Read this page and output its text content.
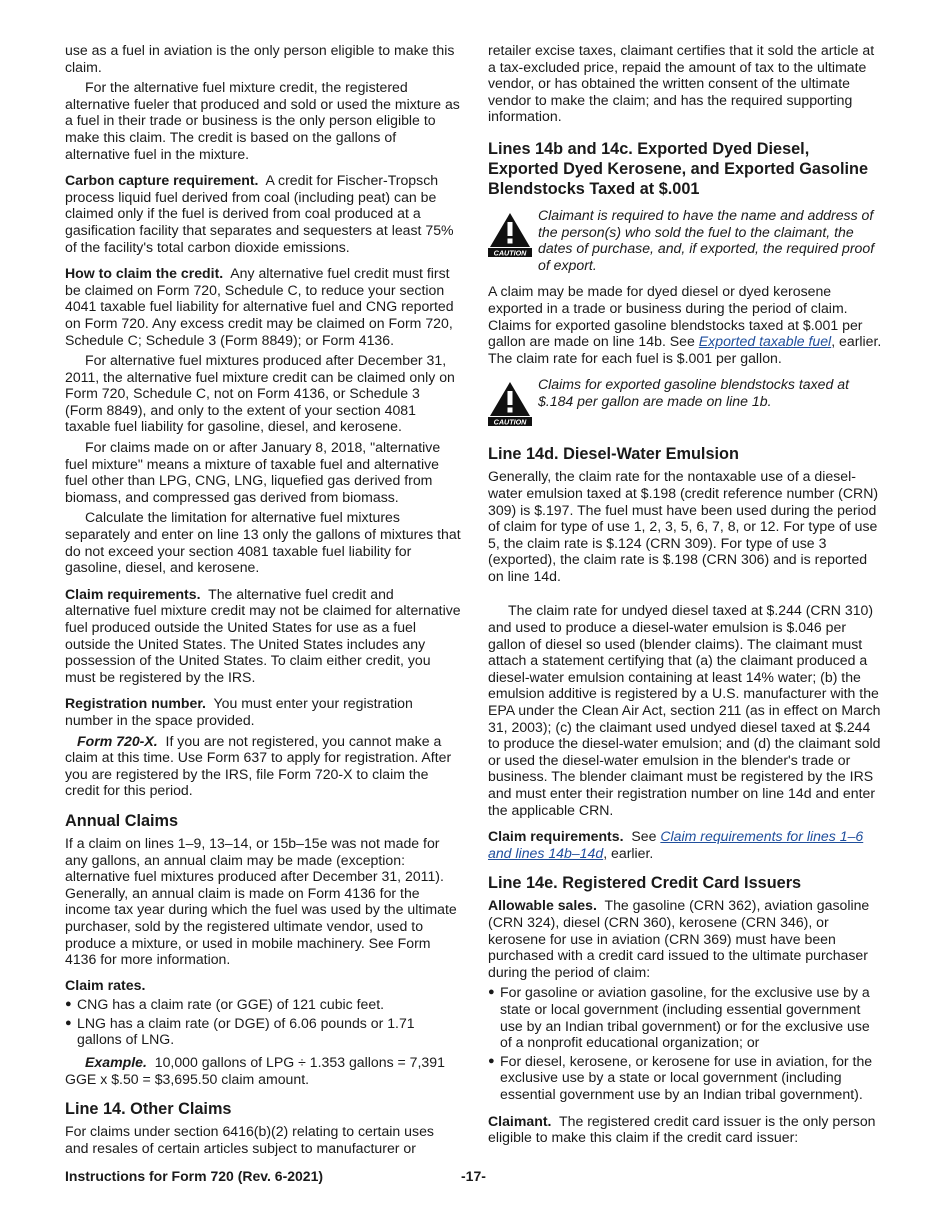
use as a fuel in aviation is the only person eligible to make this claim.

For the alternative fuel mixture credit, the registered alternative fueler that produced and sold or used the mixture as a fuel in their trade or business is the only person eligible to make this claim. The credit is based on the gallons of alternative fuel in the mixture.

Carbon capture requirement. A credit for Fischer-Tropsch process liquid fuel derived from coal (including peat) can be claimed only if the fuel is derived from coal produced at a gasification facility that separates and sequesters at least 75% of the facility's total carbon dioxide emissions.

How to claim the credit. Any alternative fuel credit must first be claimed on Form 720, Schedule C, to reduce your section 4041 taxable fuel liability for alternative fuel and CNG reported on Form 720. Any excess credit may be claimed on Form 720, Schedule C; Schedule 3 (Form 8849); or Form 4136.

For alternative fuel mixtures produced after December 31, 2011, the alternative fuel mixture credit can be claimed only on Form 720, Schedule C, not on Form 4136, or Schedule 3 (Form 8849), and only to the extent of your section 4081 taxable fuel liability for gasoline, diesel, and kerosene.

For claims made on or after January 8, 2018, "alternative fuel mixture" means a mixture of taxable fuel and alternative fuel other than LPG, CNG, LNG, liquefied gas derived from biomass, and compressed gas derived from biomass.

Calculate the limitation for alternative fuel mixtures separately and enter on line 13 only the gallons of mixtures that do not exceed your section 4081 taxable fuel liability for gasoline, diesel, and kerosene.

Claim requirements. The alternative fuel credit and alternative fuel mixture credit may not be claimed for alternative fuel produced outside the United States for use as a fuel outside the United States. The United States includes any possession of the United States. To claim either credit, you must be registered by the IRS.

Registration number. You must enter your registration number in the space provided.

Form 720-X. If you are not registered, you cannot make a claim at this time. Use Form 637 to apply for registration. After you are registered by the IRS, file Form 720-X to claim the credit for this period.

Annual Claims

If a claim on lines 1–9, 13–14, or 15b–15e was not made for any gallons, an annual claim may be made (exception: alternative fuel mixtures produced after December 31, 2011). Generally, an annual claim is made on Form 4136 for the income tax year during which the fuel was used by the ultimate purchaser, sold by the registered ultimate vendor, used to produce a mixture, or used in mobile machinery. See Form 4136 for more information.

Claim rates.
● CNG has a claim rate (or GGE) of 121 cubic feet.
● LNG has a claim rate (or DGE) of 6.06 pounds or 1.71 gallons of LNG.

Example. 10,000 gallons of LPG ÷ 1.353 gallons = 7,391 GGE x $.50 = $3,695.50 claim amount.

Line 14. Other Claims

For claims under section 6416(b)(2) relating to certain uses and resales of certain articles subject to manufacturer or

retailer excise taxes, claimant certifies that it sold the article at a tax-excluded price, repaid the amount of tax to the ultimate vendor, or has obtained the written consent of the ultimate vendor to make the claim; and has the required supporting information.

Lines 14b and 14c. Exported Dyed Diesel, Exported Dyed Kerosene, and Exported Gasoline Blendstocks Taxed at $.001
CAUTION
Claimant is required to have the name and address of the person(s) who sold the fuel to the claimant, the dates of purchase, and, if exported, the required proof of export.

A claim may be made for dyed diesel or dyed kerosene exported in a trade or business during the period of claim. Claims for exported gasoline blendstocks taxed at $.001 per gallon are made on line 14b. See Exported taxable fuel, earlier. The claim rate for each fuel is $.001 per gallon.

CAUTION
Claims for exported gasoline blendstocks taxed at $.184 per gallon are made on line 1b.
Line 14d. Diesel-Water Emulsion

Generally, the claim rate for the nontaxable use of a diesel-water emulsion taxed at $.198 (credit reference number (CRN) 309) is $.197. The fuel must have been used during the period of claim for type of use 1, 2, 3, 5, 6, 7, 8, or 12. For type of use 5, the claim rate is $.124 (CRN 309). For type of use 3 (exported), the claim rate is $.198 (CRN 306) and is reported on line 14d.

The claim rate for undyed diesel taxed at $.244 (CRN 310) and used to produce a diesel-water emulsion is $.046 per gallon of diesel so used (blender claims). The claimant must attach a statement certifying that (a) the claimant produced a diesel-water emulsion containing at least 14% water; (b) the emulsion additive is registered by a U.S. manufacturer with the EPA under the Clean Air Act, section 211 (as in effect on March 31, 2003); (c) the claimant used undyed diesel taxed at $.244 to produce the diesel-water emulsion; and (d) the claimant sold or used the diesel-water emulsion in the blender's trade or business. The blender claimant must be registered by the IRS and must enter their registration number on line 14d and enter the applicable CRN.

Claim requirements. See Claim requirements for lines 1–6 and lines 14b–14d, earlier.

Line 14e. Registered Credit Card Issuers

Allowable sales. The gasoline (CRN 362), aviation gasoline (CRN 324), diesel (CRN 360), kerosene (CRN 346), or kerosene for use in aviation (CRN 369) must have been purchased with a credit card issued to the ultimate purchaser during the period of claim:

● For gasoline or aviation gasoline, for the exclusive use by a state or local government (including essential government use by an Indian tribal government) or for the exclusive use of a nonprofit educational organization; or
● For diesel, kerosene, or kerosene for use in aviation, for the exclusive use by a state or local government (including essential government use by an Indian tribal government).

Claimant. The registered credit card issuer is the only person eligible to make this claim if the credit card issuer:

Instructions for Form 720 (Rev. 6-2021)	-17-
